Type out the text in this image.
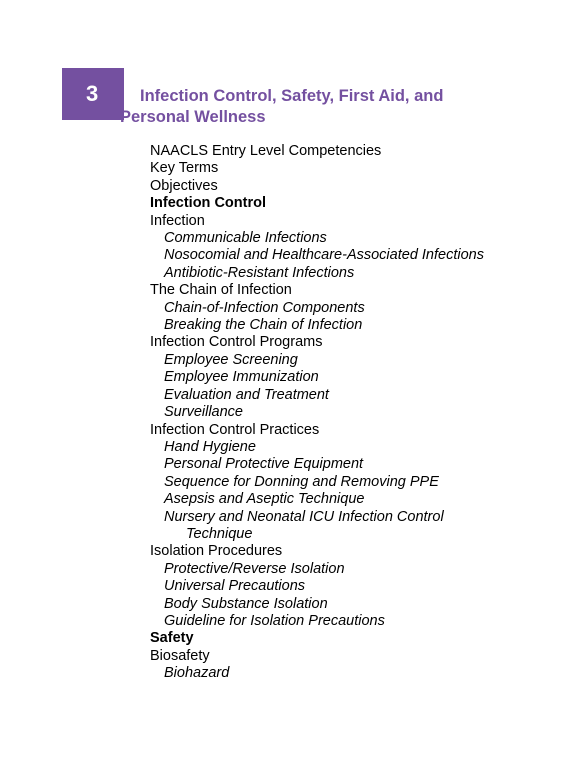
3	Infection Control, Safety, First Aid, and
Personal Wellness
NAACLS Entry Level Competencies
Key Terms
Objectives
Infection Control
Infection
Communicable Infections
Nosocomial and Healthcare-Associated Infections
Antibiotic-Resistant Infections
The Chain of Infection
Chain-of-Infection Components
Breaking the Chain of Infection
Infection Control Programs
Employee Screening
Employee Immunization
Evaluation and Treatment
Surveillance
Infection Control Practices
Hand Hygiene
Personal Protective Equipment
Sequence for Donning and Removing PPE
Asepsis and Aseptic Technique
Nursery and Neonatal ICU Infection Control
Technique
Isolation Procedures
Protective/Reverse Isolation
Universal Precautions
Body Substance Isolation
Guideline for Isolation Precautions
Safety
Biosafety
Biohazard
